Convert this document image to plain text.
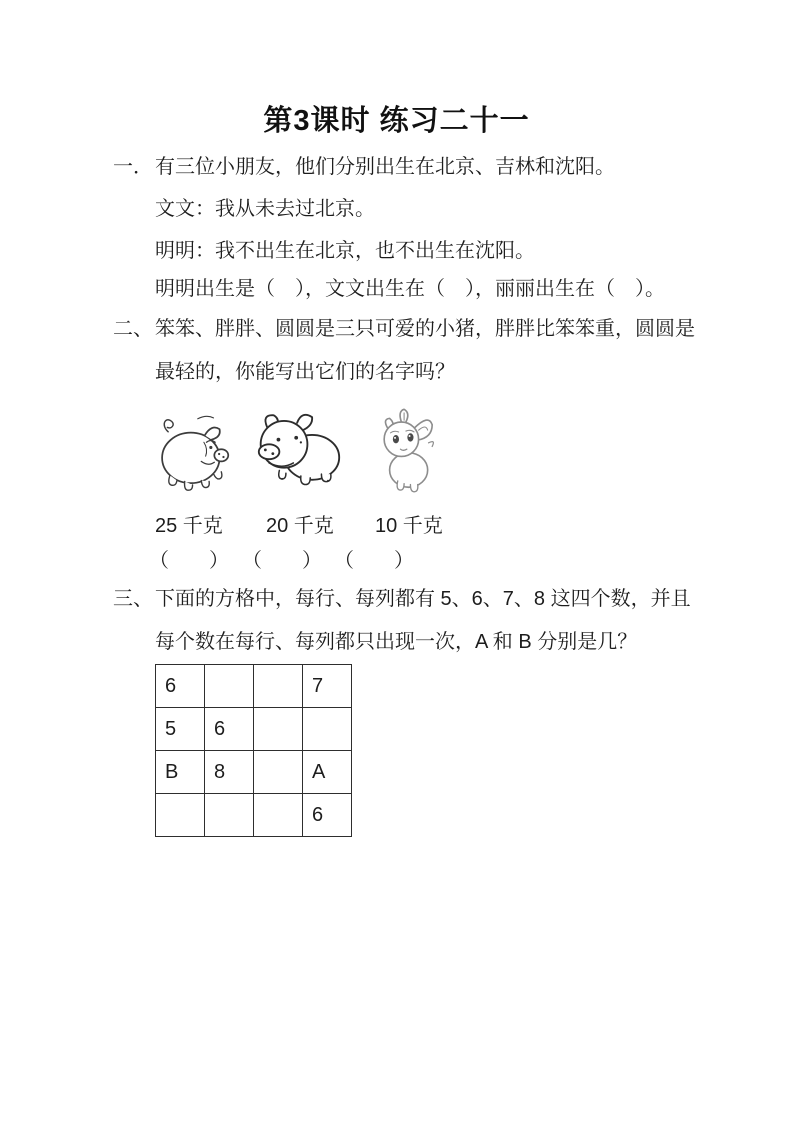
第3课时 练习二十一
一． 有三位小朋友，他们分别出生在北京、吉林和沈阳。
文文：我从未去过北京。
明明：我不出生在北京，也不出生在沈阳。
明明出生是（　），文文出生在（　），丽丽出生在（　）。
二、 笨笨、胖胖、圆圆是三只可爱的小猪，胖胖比笨笨重，圆圆是
最轻的，你能写出它们的名字吗？
25 千克 20 千克 10 千克
（　　） （　　） （　　）
三、 下面的方格中，每行、每列都有 5、6、7、8 这四个数，并且
每个数在每行、每列都只出现一次，A 和 B 分别是几？
6			7
5	6		
B	8		A
			6
